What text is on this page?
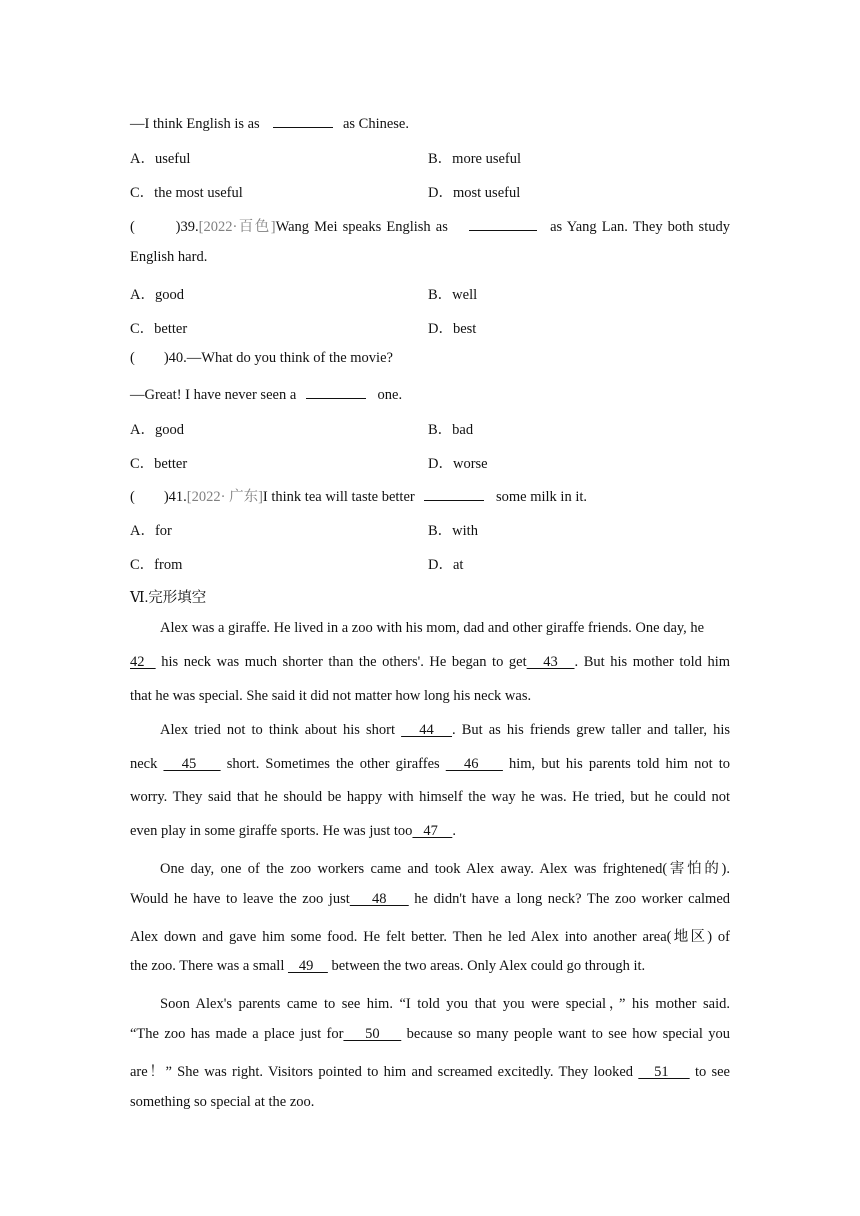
—I think English is as	as Chinese.
A．useful	B．more useful
C．the most useful	D．most useful
(        )39.[2022·百色]Wang Mei speaks English as	as Yang Lan. They both study
English hard.
A．good	B．well
C．better	D．best
(        )40.—What do you think of the movie?
—Great! I have never seen a	one.
A．good	B．bad
C．better	D．worse
(        )41.[2022· 广东]I think tea will taste better	some milk in it.
A．for	B．with
C．from	D．at
Ⅵ.完形填空
Alex was a giraffe. He lived in a zoo with his mom, dad and other giraffe friends. One day, he
42   his neck was much shorter than the others'. He began to get   43   . But his mother told him
that he was special. She said it did not matter how long his neck was.
Alex tried not to think about his short    44   . But as his friends grew taller and taller, his
neck    45     short. Sometimes the other giraffes    46     him, but his parents told him not to
worry. They said that he should be happy with himself the way he was. He tried, but he could not
even play in some giraffe sports. He was just too   47    .
One day, one of the zoo workers came and took Alex away. Alex was frightened(害怕的).
Would he have to leave the zoo just    48     he didn't have a long neck? The zoo worker calmed
Alex down and gave him some food. He felt better. Then he led Alex into another area(地区) of
the zoo. There was a small    49     between the two areas. Only Alex could go through it.
Soon Alex's parents came to see him. “I told you that you were special，” his mother said.
“The zoo has made a place just for    50     because so many people want to see how special you
are！” She was right. Visitors pointed to him and screamed excitedly. They looked    51     to see
something so special at the zoo.
